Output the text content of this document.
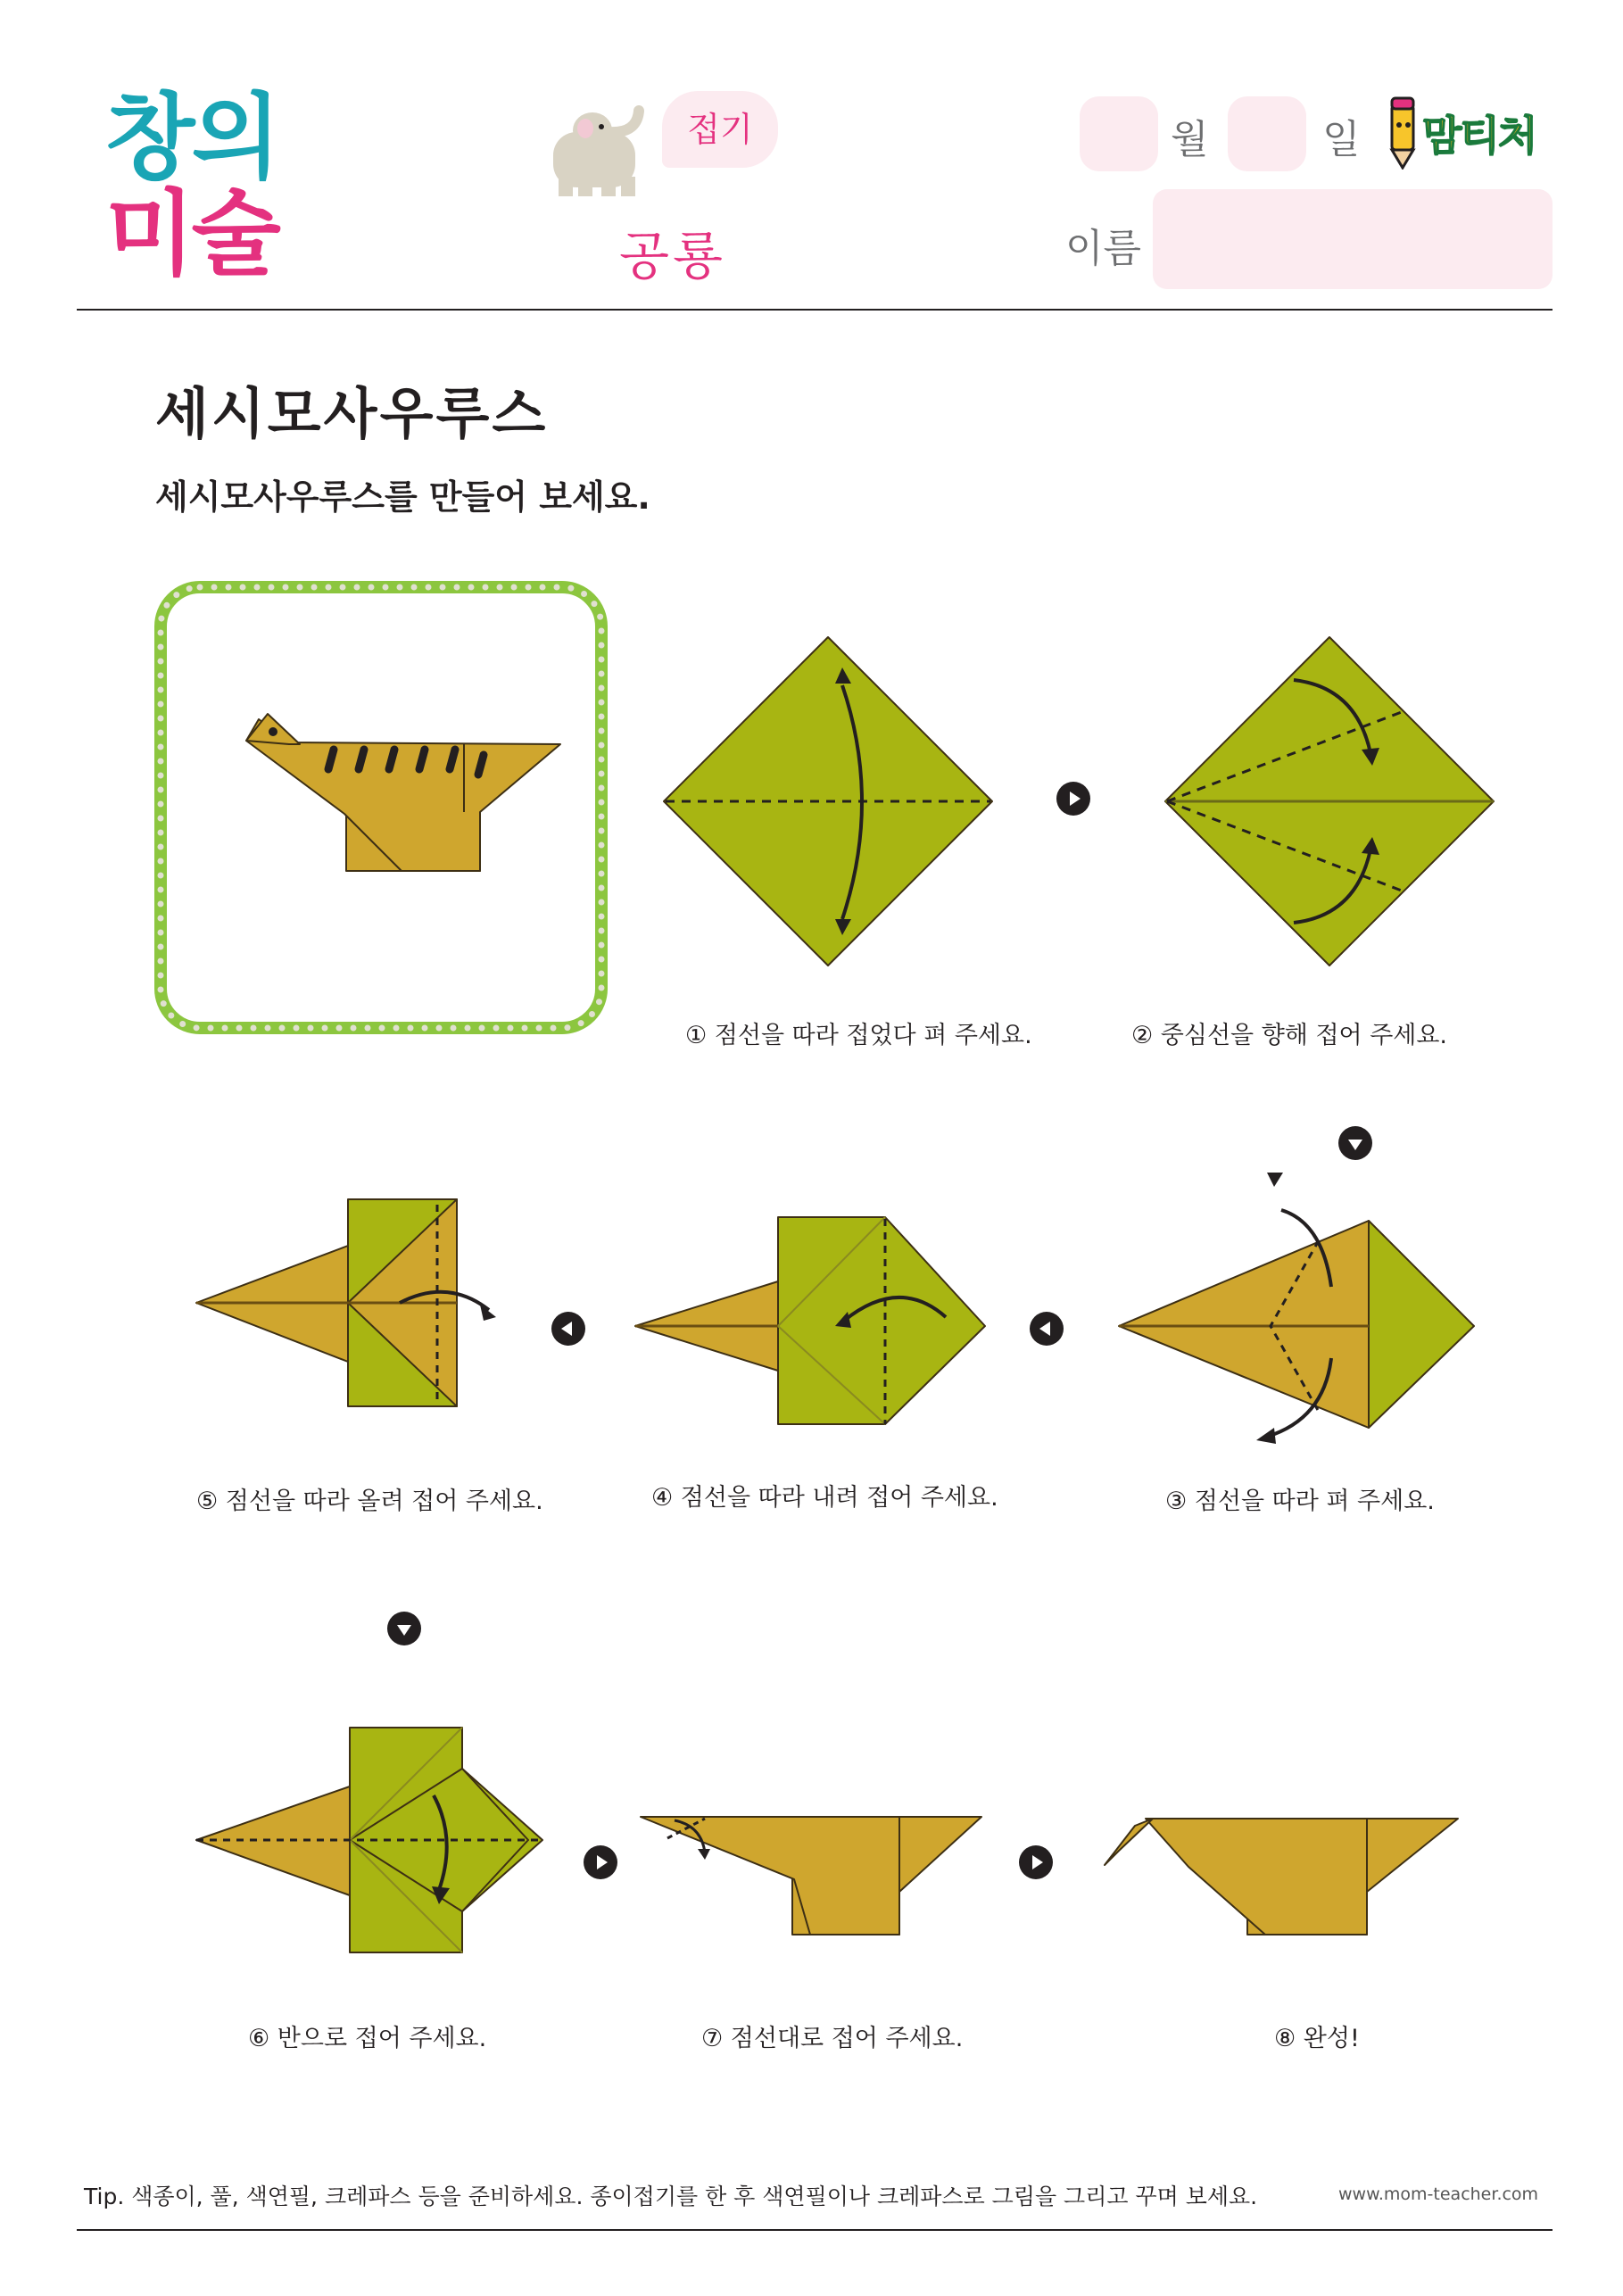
창의
미술
접기
공룡
월	일 맘티처
이름
세시모사우루스
세시모사우루스를 만들어 보세요.
① 점선을 따라 접었다 펴 주세요.	② 중심선을 향해 접어 주세요.
③ 점선을 따라 펴 주세요.
④ 점선을 따라 내려 접어 주세요.
⑤ 점선을 따라 올려 접어 주세요.
⑥ 반으로 접어 주세요.	⑦ 점선대로 접어 주세요.	⑧ 완성!
Tip. 색종이, 풀, 색연필, 크레파스 등을 준비하세요. 종이접기를 한 후 색연필이나 크레파스로 그림을 그리고 꾸며 보세요.	www.mom-teacher.com
